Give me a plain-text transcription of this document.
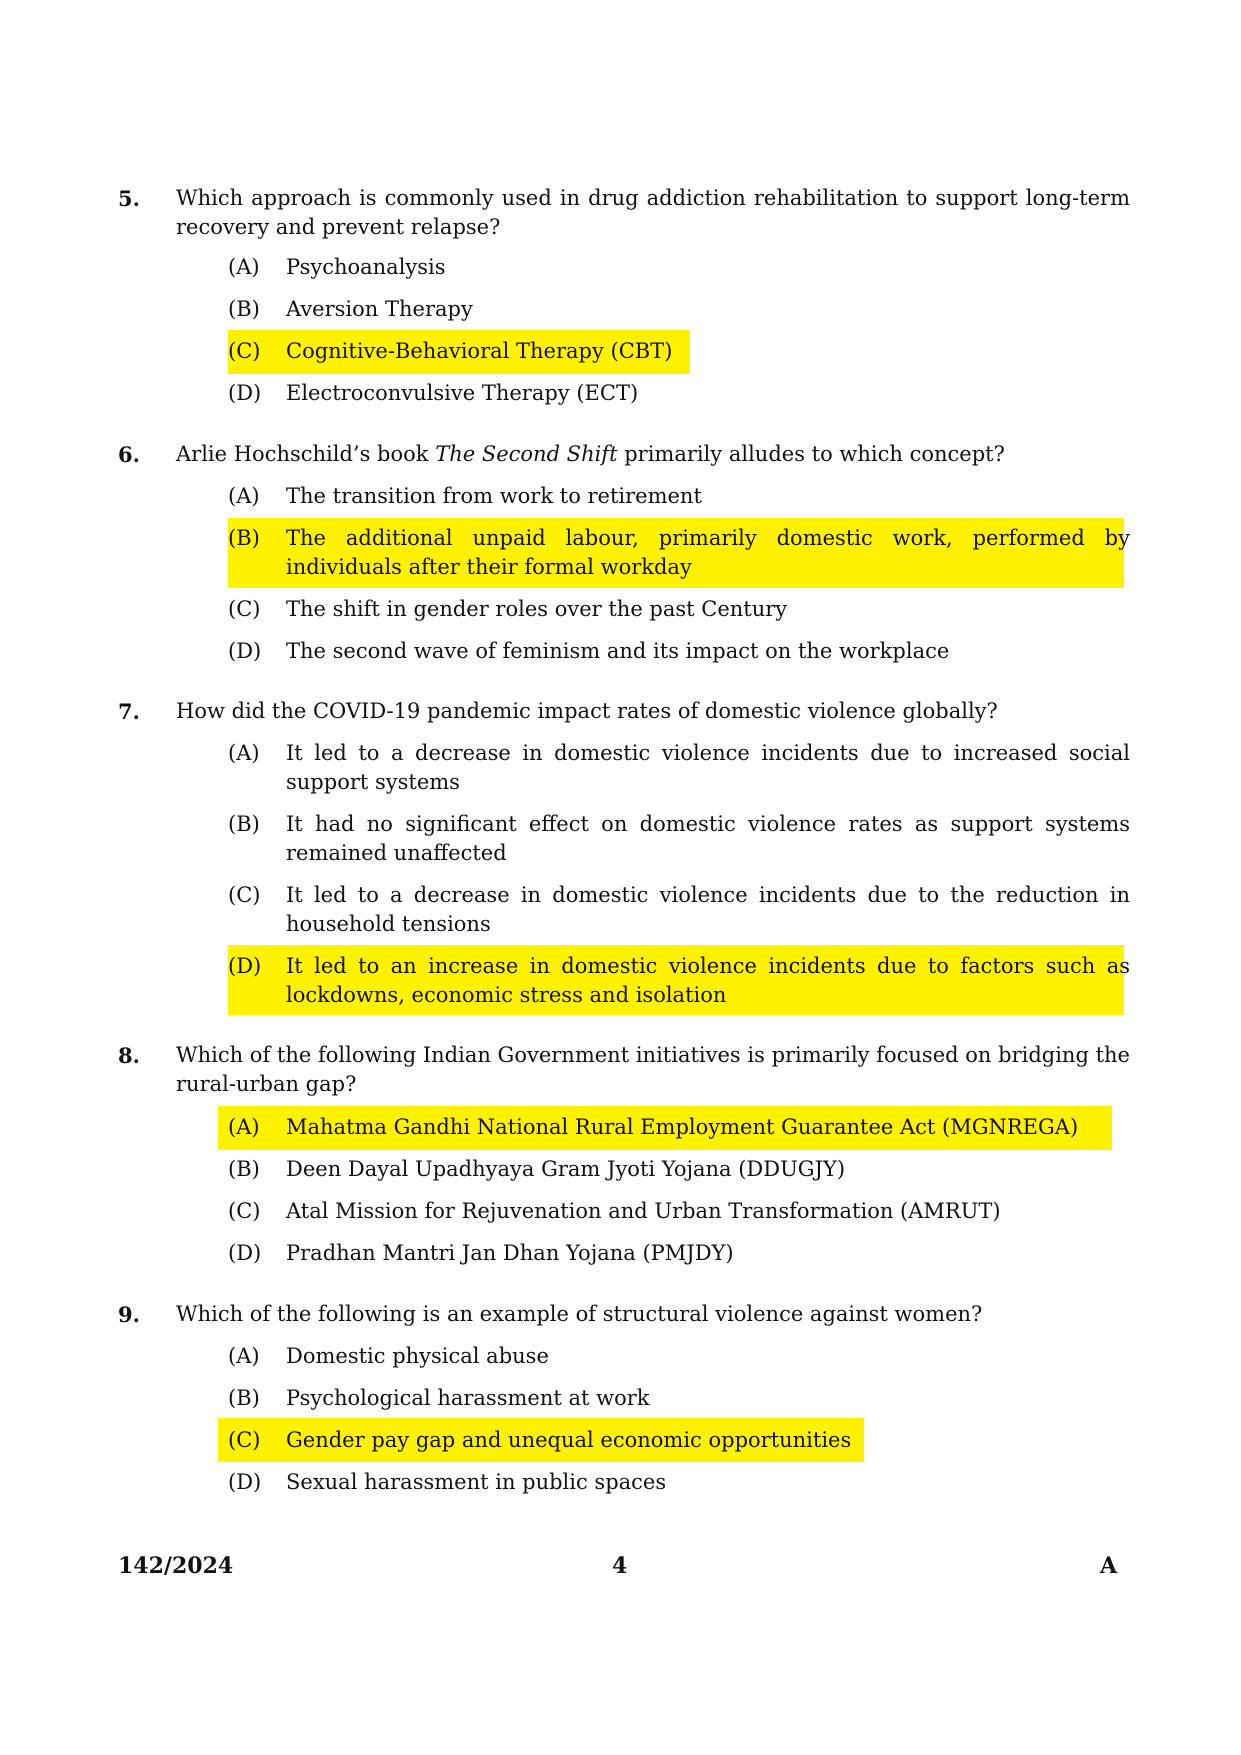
5. Which approach is commonly used in drug addiction rehabilitation to support long-term recovery and prevent relapse?
(A)	Psychoanalysis
(B)	Aversion Therapy
(C)	Cognitive-Behavioral Therapy (CBT)
(D)	Electroconvulsive Therapy (ECT)
6. Arlie Hochschild’s book The Second Shift primarily alludes to which concept?
(A)	The transition from work to retirement
(B)	The additional unpaid labour, primarily domestic work, performed by individuals after their formal workday
(C)	The shift in gender roles over the past Century
(D)	The second wave of feminism and its impact on the workplace
7. How did the COVID-19 pandemic impact rates of domestic violence globally?
(A)	It led to a decrease in domestic violence incidents due to increased social support systems
(B)	It had no significant effect on domestic violence rates as support systems remained unaffected
(C)	It led to a decrease in domestic violence incidents due to the reduction in household tensions
(D)	It led to an increase in domestic violence incidents due to factors such as lockdowns, economic stress and isolation
8. Which of the following Indian Government initiatives is primarily focused on bridging the rural-urban gap?
(A)	Mahatma Gandhi National Rural Employment Guarantee Act (MGNREGA)
(B)	Deen Dayal Upadhyaya Gram Jyoti Yojana (DDUGJY)
(C)	Atal Mission for Rejuvenation and Urban Transformation (AMRUT)
(D)	Pradhan Mantri Jan Dhan Yojana (PMJDY)
9. Which of the following is an example of structural violence against women?
(A)	Domestic physical abuse
(B)	Psychological harassment at work
(C)	Gender pay gap and unequal economic opportunities
(D)	Sexual harassment in public spaces
142/2024	4	A
